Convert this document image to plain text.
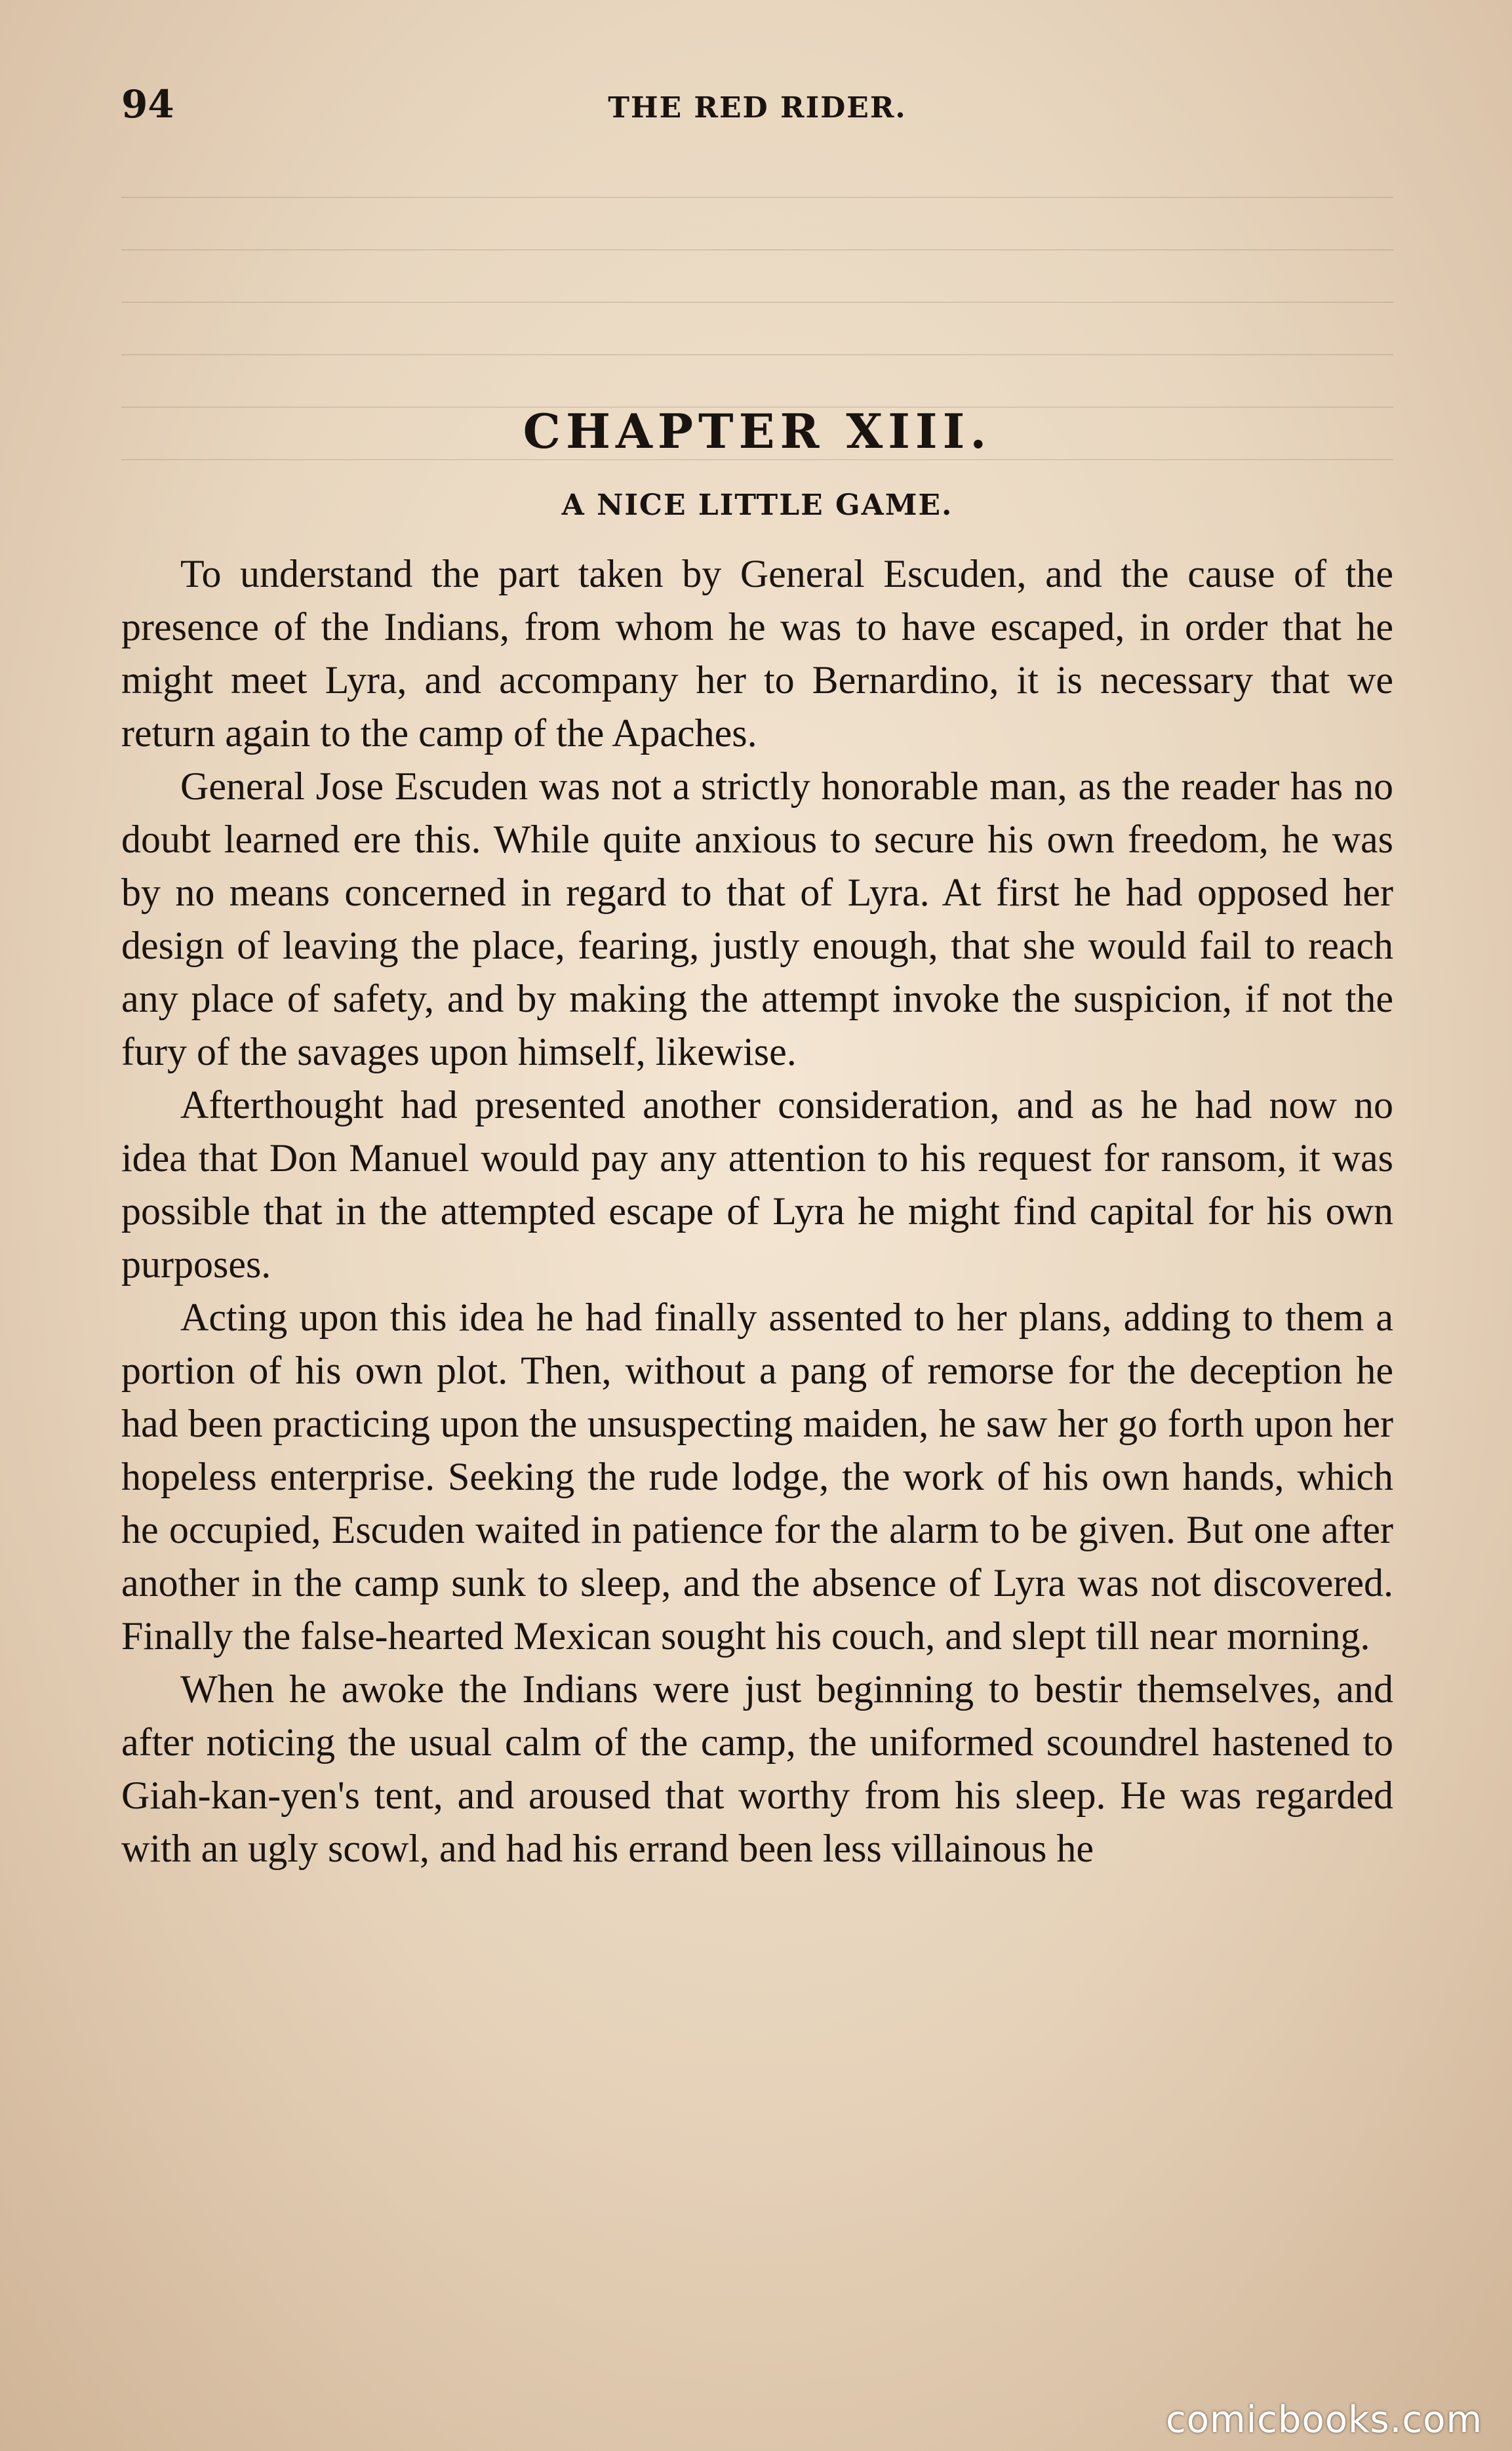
94	THE RED RIDER.
CHAPTER XIII.
A NICE LITTLE GAME.

To understand the part taken by General Escuden, and the cause of the presence of the Indians, from whom he was to have escaped, in order that he might meet Lyra, and accompany her to Bernardino, it is necessary that we return again to the camp of the Apaches.

General Jose Escuden was not a strictly honorable man, as the reader has no doubt learned ere this. While quite anxious to secure his own freedom, he was by no means concerned in regard to that of Lyra. At first he had opposed her design of leaving the place, fearing, justly enough, that she would fail to reach any place of safety, and by making the attempt invoke the suspicion, if not the fury of the savages upon himself, likewise.

Afterthought had presented another consideration, and as he had now no idea that Don Manuel would pay any attention to his request for ransom, it was possible that in the attempted escape of Lyra he might find capital for his own purposes.

Acting upon this idea he had finally assented to her plans, adding to them a portion of his own plot. Then, without a pang of remorse for the deception he had been practicing upon the unsuspecting maiden, he saw her go forth upon her hopeless enterprise. Seeking the rude lodge, the work of his own hands, which he occupied, Escuden waited in patience for the alarm to be given. But one after another in the camp sunk to sleep, and the absence of Lyra was not discovered. Finally the false-hearted Mexican sought his couch, and slept till near morning.

When he awoke the Indians were just beginning to bestir themselves, and after noticing the usual calm of the camp, the uniformed scoundrel hastened to Giah-kan-yen's tent, and aroused that worthy from his sleep. He was regarded with an ugly scowl, and had his errand been less villainous he

comicbooks.com
